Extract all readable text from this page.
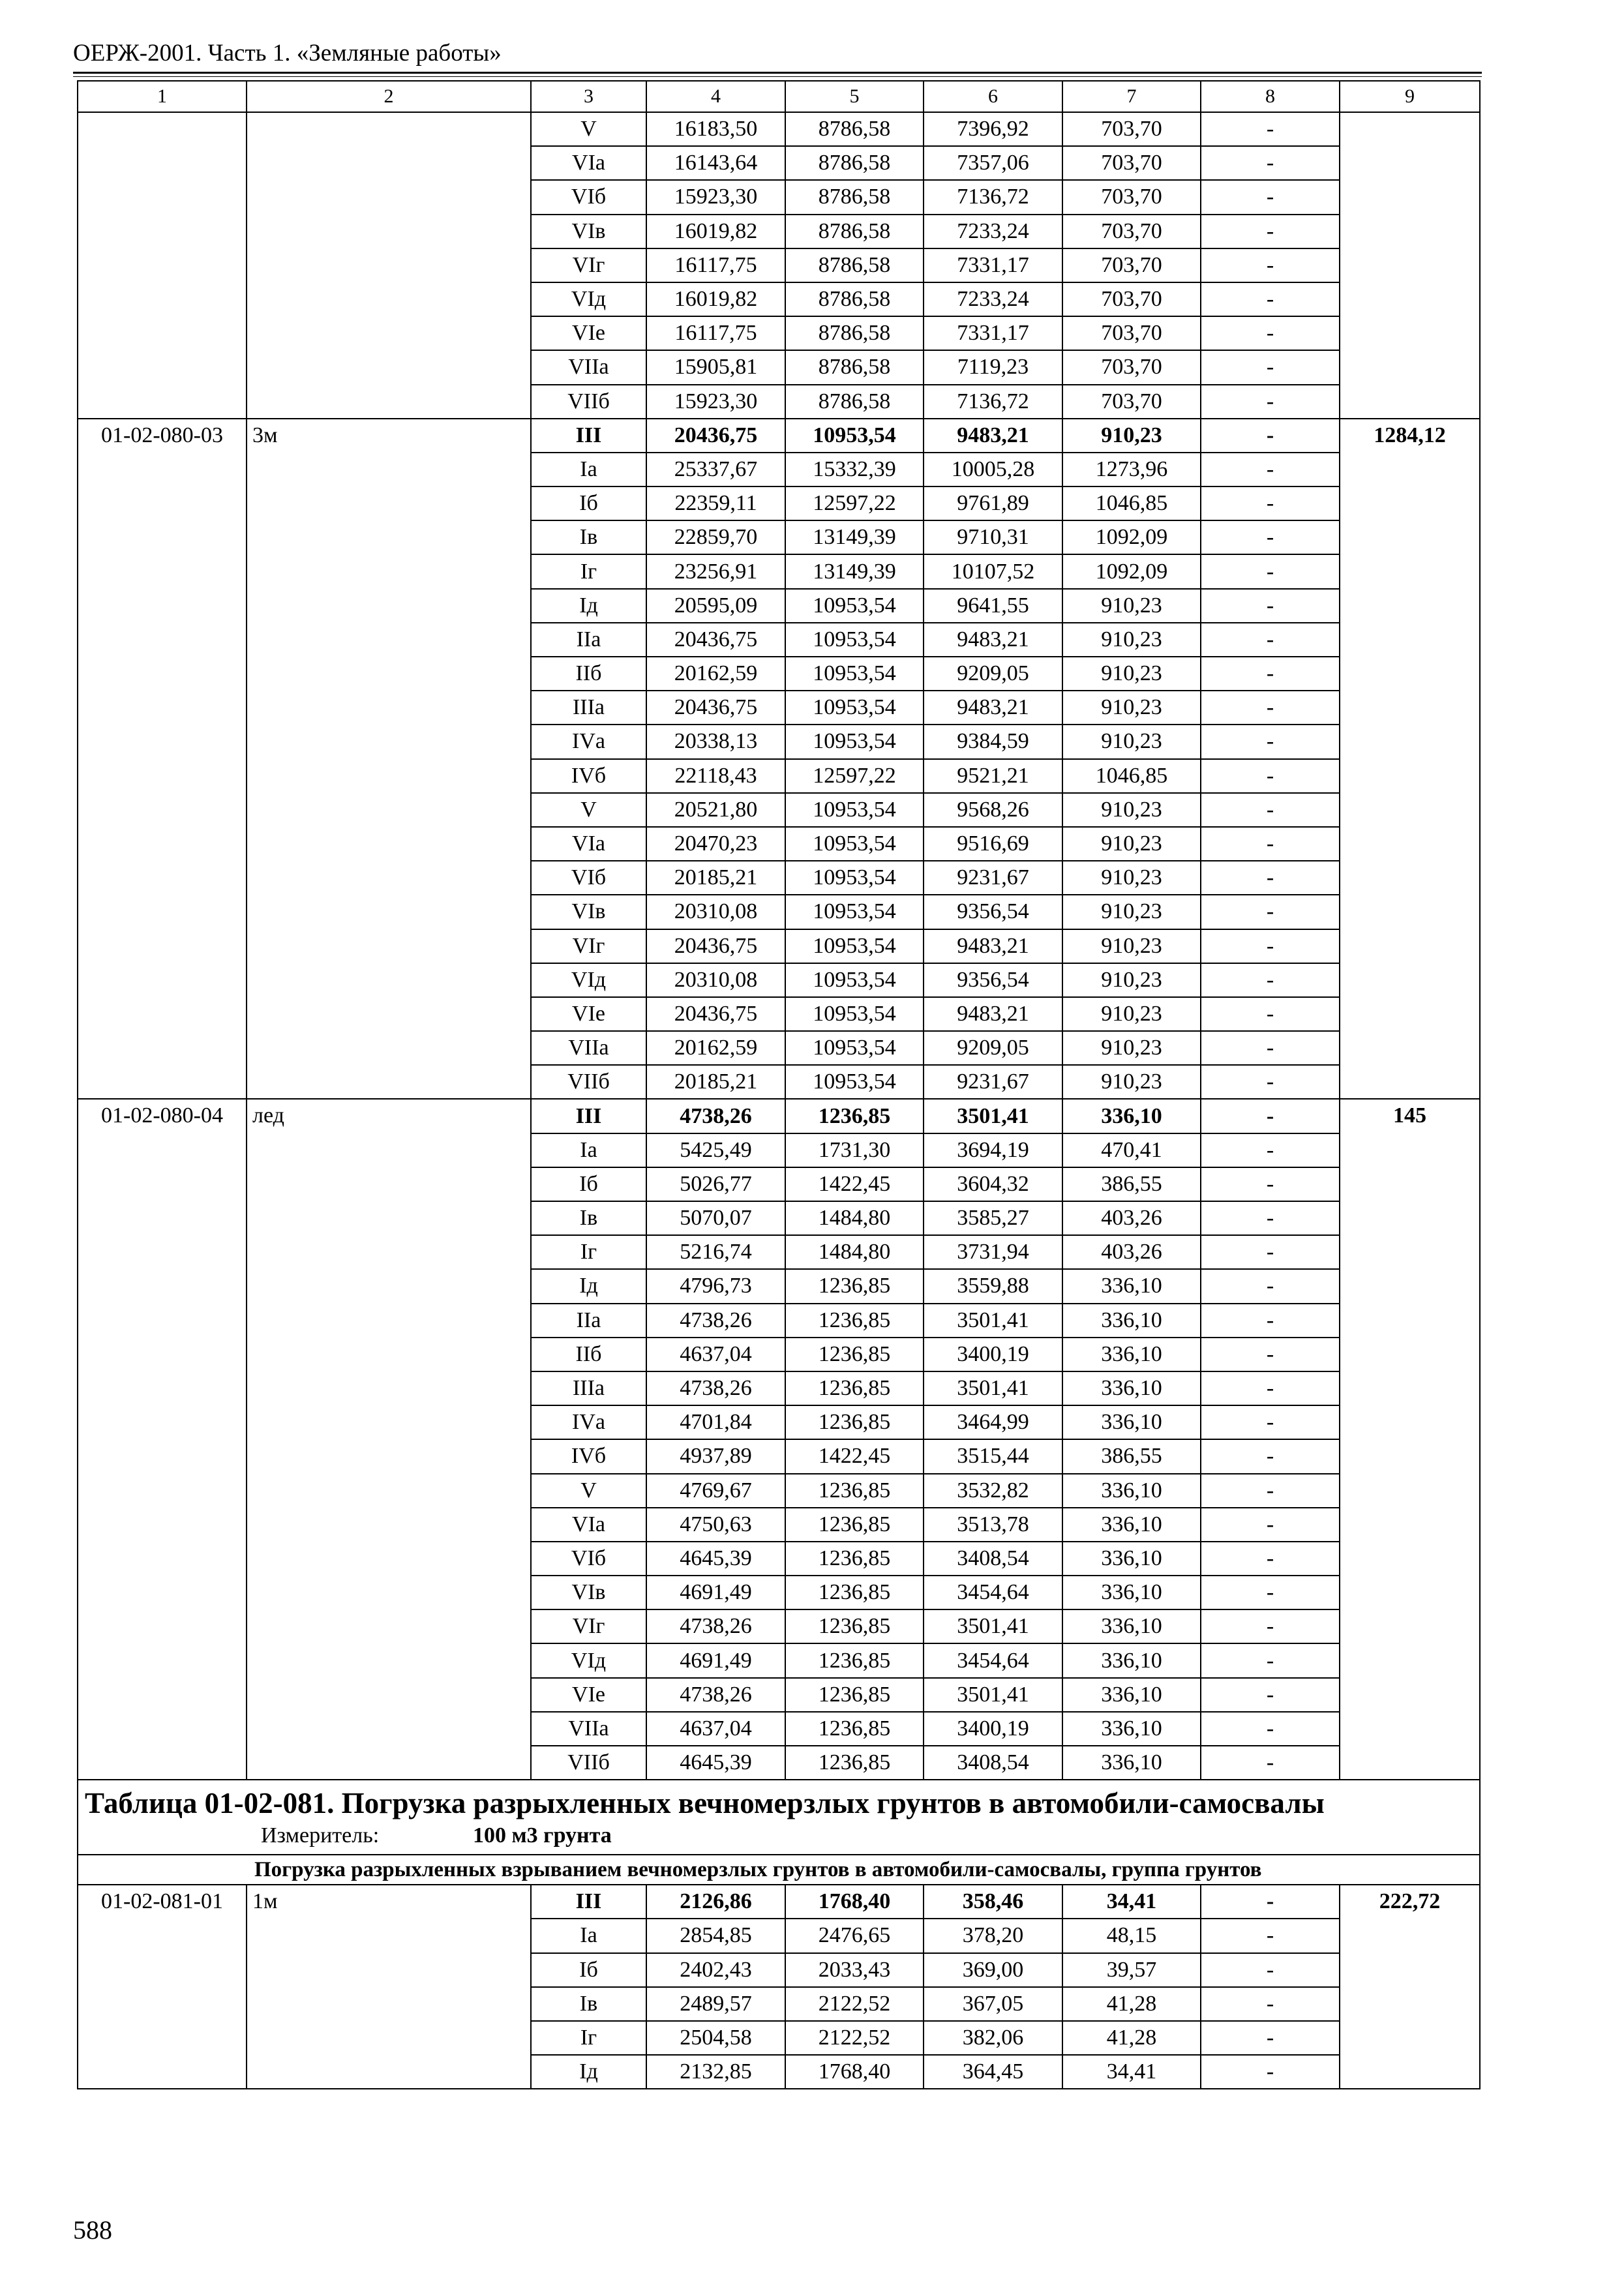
ОЕРЖ-2001. Часть 1. «Земляные работы»
1	2	3	4	5	6	7	8	9
		V	16183,50	8786,58	7396,92	703,70	-	
		VIа	16143,64	8786,58	7357,06	703,70	-	
		VIб	15923,30	8786,58	7136,72	703,70	-	
		VIв	16019,82	8786,58	7233,24	703,70	-	
		VIг	16117,75	8786,58	7331,17	703,70	-	
		VIд	16019,82	8786,58	7233,24	703,70	-	
		VIе	16117,75	8786,58	7331,17	703,70	-	
		VIIа	15905,81	8786,58	7119,23	703,70	-	
		VIIб	15923,30	8786,58	7136,72	703,70	-	
01-02-080-03	3м	III	20436,75	10953,54	9483,21	910,23	-	1284,12
		Iа	25337,67	15332,39	10005,28	1273,96	-	
		Iб	22359,11	12597,22	9761,89	1046,85	-	
		Iв	22859,70	13149,39	9710,31	1092,09	-	
		Iг	23256,91	13149,39	10107,52	1092,09	-	
		Iд	20595,09	10953,54	9641,55	910,23	-	
		IIа	20436,75	10953,54	9483,21	910,23	-	
		IIб	20162,59	10953,54	9209,05	910,23	-	
		IIIа	20436,75	10953,54	9483,21	910,23	-	
		IVа	20338,13	10953,54	9384,59	910,23	-	
		IVб	22118,43	12597,22	9521,21	1046,85	-	
		V	20521,80	10953,54	9568,26	910,23	-	
		VIа	20470,23	10953,54	9516,69	910,23	-	
		VIб	20185,21	10953,54	9231,67	910,23	-	
		VIв	20310,08	10953,54	9356,54	910,23	-	
		VIг	20436,75	10953,54	9483,21	910,23	-	
		VIд	20310,08	10953,54	9356,54	910,23	-	
		VIе	20436,75	10953,54	9483,21	910,23	-	
		VIIа	20162,59	10953,54	9209,05	910,23	-	
		VIIб	20185,21	10953,54	9231,67	910,23	-	
01-02-080-04	лед	III	4738,26	1236,85	3501,41	336,10	-	145
		Iа	5425,49	1731,30	3694,19	470,41	-	
		Iб	5026,77	1422,45	3604,32	386,55	-	
		Iв	5070,07	1484,80	3585,27	403,26	-	
		Iг	5216,74	1484,80	3731,94	403,26	-	
		Iд	4796,73	1236,85	3559,88	336,10	-	
		IIа	4738,26	1236,85	3501,41	336,10	-	
		IIб	4637,04	1236,85	3400,19	336,10	-	
		IIIа	4738,26	1236,85	3501,41	336,10	-	
		IVа	4701,84	1236,85	3464,99	336,10	-	
		IVб	4937,89	1422,45	3515,44	386,55	-	
		V	4769,67	1236,85	3532,82	336,10	-	
		VIа	4750,63	1236,85	3513,78	336,10	-	
		VIб	4645,39	1236,85	3408,54	336,10	-	
		VIв	4691,49	1236,85	3454,64	336,10	-	
		VIг	4738,26	1236,85	3501,41	336,10	-	
		VIд	4691,49	1236,85	3454,64	336,10	-	
		VIе	4738,26	1236,85	3501,41	336,10	-	
		VIIа	4637,04	1236,85	3400,19	336,10	-	
		VIIб	4645,39	1236,85	3408,54	336,10	-	

Таблица 01-02-081. Погрузка разрыхленных вечномерзлых грунтов в автомобили-самосвалы
Измеритель: 100 м3 грунта								

Погрузка разрыхленных взрыванием вечномерзлых грунтов в автомобили-самосвалы, группа грунтов								
01-02-081-01	1м	III	2126,86	1768,40	358,46	34,41	-	222,72
		Iа	2854,85	2476,65	378,20	48,15	-	
		Iб	2402,43	2033,43	369,00	39,57	-	
		Iв	2489,57	2122,52	367,05	41,28	-	
		Iг	2504,58	2122,52	382,06	41,28	-	
		Iд	2132,85	1768,40	364,45	34,41	-	
588
